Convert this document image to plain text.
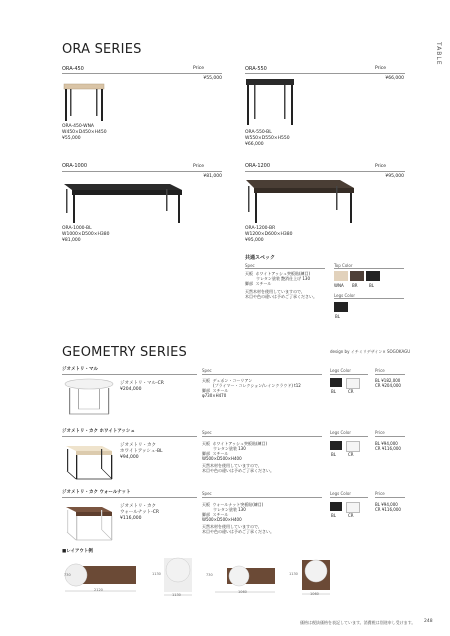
TABLE
ORA SERIES
ORA-450	Price
¥55,000
ORA-450-WNA
W450×D450×H450
¥55,000
ORA-550	Price
¥66,000
ORA-550-BL
W550×D550×H550
¥66,000
ORA-1000	Price
¥81,000
ORA-1000-BL
W1000×D500×H380
¥81,000
ORA-1200	Price
¥95,000
ORA-1200-BR
W1200×D600×H380
¥95,000
共通スペック
Spec
天板 ホワイトアッシュ突板貼(練目)
ウレタン塗装 艶消仕上げ 130
脚部 スチール
天然木材を使用していますので、
木目や色の違いは予めご了承ください。
Top Color
WNA BR	BL
Legs Color
BL
GEOMETRY SERIES	design by イチミリデザイン× SOGOKAGU
ジオメトリ・マル	Spec	Legs Color	Price
ジオメトリ・マル-CR
¥204,000
天板 デュポン・コーリアン
(プライマー・コレクション/レインクラウド) t12
脚部 スチール
φ730×H470
BL	CR
BL ¥182,000
CR ¥204,000
ジオメトリ・カク ホワイトアッシュ	Spec	Legs Color	Price
ジオメトリ・カク
ホワイトアッシュ-BL
¥94,000
天板 ホワイトアッシュ突板貼(練目)
ウレタン塗装 130
脚部 スチール
W500×D500×H400
天然木材を使用していますので、
木目や色の違いは予めご了承ください。
BL	CR
BL ¥94,000
CR ¥116,000
ジオメトリ・カク ウォールナット	Spec	Legs Color	Price
ジオメトリ・カク
ウォールナット-CR
¥116,000
天板 ウォールナット突板貼(練目)
ウレタン塗装 130
脚部 スチール
W500×D500×H400
天然木材を使用していますので、
木目や色の違いは予めご了承ください。
BL	CR
BL ¥94,000
CR ¥116,000
■レイアウト例
730
2120
1130
1130
730
1060
1130
1060
価格は税抜価格を表記しています。消費税は別途申し受けます。 248
